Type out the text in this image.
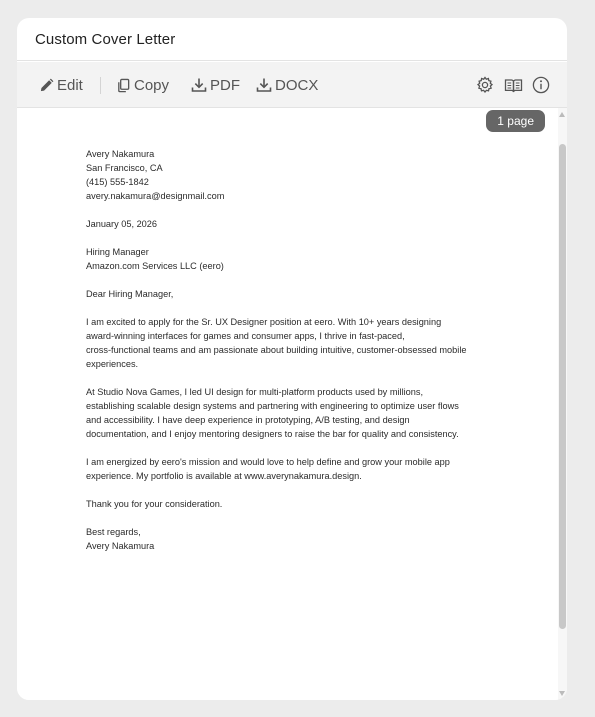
Custom Cover Letter
Edit	Copy	PDF DOCX

Avery Nakamura
San Francisco, CA
(415) 555-1842
avery.nakamura@designmail.com

January 05, 2026

Hiring Manager
Amazon.com Services LLC (eero)

Dear Hiring Manager,

I am excited to apply for the Sr. UX Designer position at eero. With 10+ years designing
award-winning interfaces for games and consumer apps, I thrive in fast-paced,
cross-functional teams and am passionate about building intuitive, customer-obsessed mobile
experiences.

At Studio Nova Games, I led UI design for multi-platform products used by millions,
establishing scalable design systems and partnering with engineering to optimize user flows
and accessibility. I have deep experience in prototyping, A/B testing, and design
documentation, and I enjoy mentoring designers to raise the bar for quality and consistency.

I am energized by eero's mission and would love to help define and grow your mobile app
experience. My portfolio is available at www.averynakamura.design.

Thank you for your consideration.

Best regards,
Avery Nakamura

1 page
